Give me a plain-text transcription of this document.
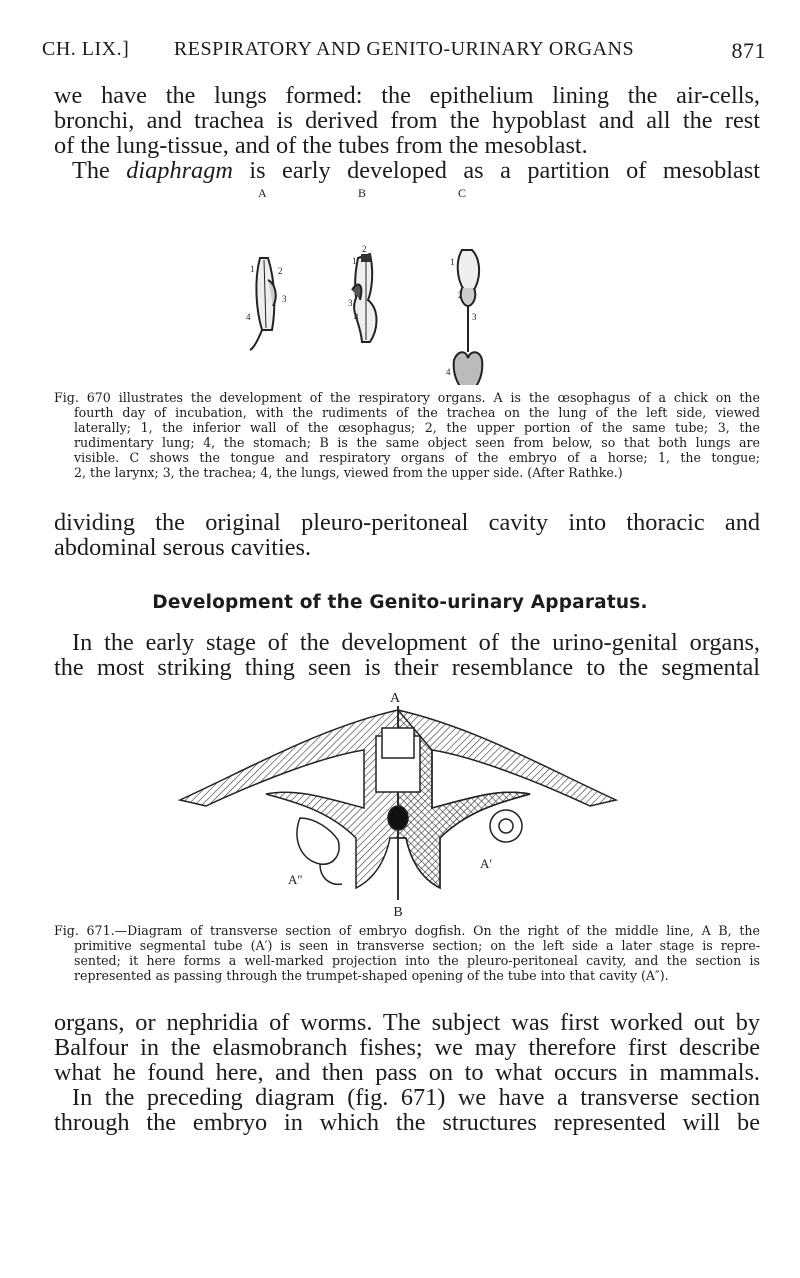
CH. LIX.]	RESPIRATORY AND GENITO-URINARY ORGANS	871
we have the lungs formed: the epithelium lining the air-cells,
bronchi, and trachea is derived from the hypoblast and all the rest
of the lung-tissue, and of the tubes from the mesoblast.
The diaphragm is early developed as a partition of mesoblast
A	B	C
1	2
3
4
1
2
3
4
1
2
3
4
Fig. 670 illustrates the development of the respiratory organs. A is the œsophagus of a chick on the
fourth day of incubation, with the rudiments of the trachea on the lung of the left side, viewed
laterally; 1, the inferior wall of the œsophagus; 2, the upper portion of the same tube; 3, the
rudimentary lung; 4, the stomach; B is the same object seen from below, so that both lungs are
visible. C shows the tongue and respiratory organs of the embryo of a horse; 1, the tongue;
2, the larynx; 3, the trachea; 4, the lungs, viewed from the upper side. (After Rathke.)
dividing the original pleuro-peritoneal cavity into thoracic and
abdominal serous cavities.
Development of the Genito-urinary Apparatus.
In the early stage of the development of the urino-genital organs,
the most striking thing seen is their resemblance to the segmental
A
B
A′
A″
Fig. 671.—Diagram of transverse section of embryo dogfish. On the right of the middle line, A B, the
primitive segmental tube (A′) is seen in transverse section; on the left side a later stage is repre-
sented; it here forms a well-marked projection into the pleuro-peritoneal cavity, and the section is
represented as passing through the trumpet-shaped opening of the tube into that cavity (A″).
organs, or nephridia of worms. The subject was first worked out by
Balfour in the elasmobranch fishes; we may therefore first describe
what he found here, and then pass on to what occurs in mammals.
In the preceding diagram (fig. 671) we have a transverse section
through the embryo in which the structures represented will be
